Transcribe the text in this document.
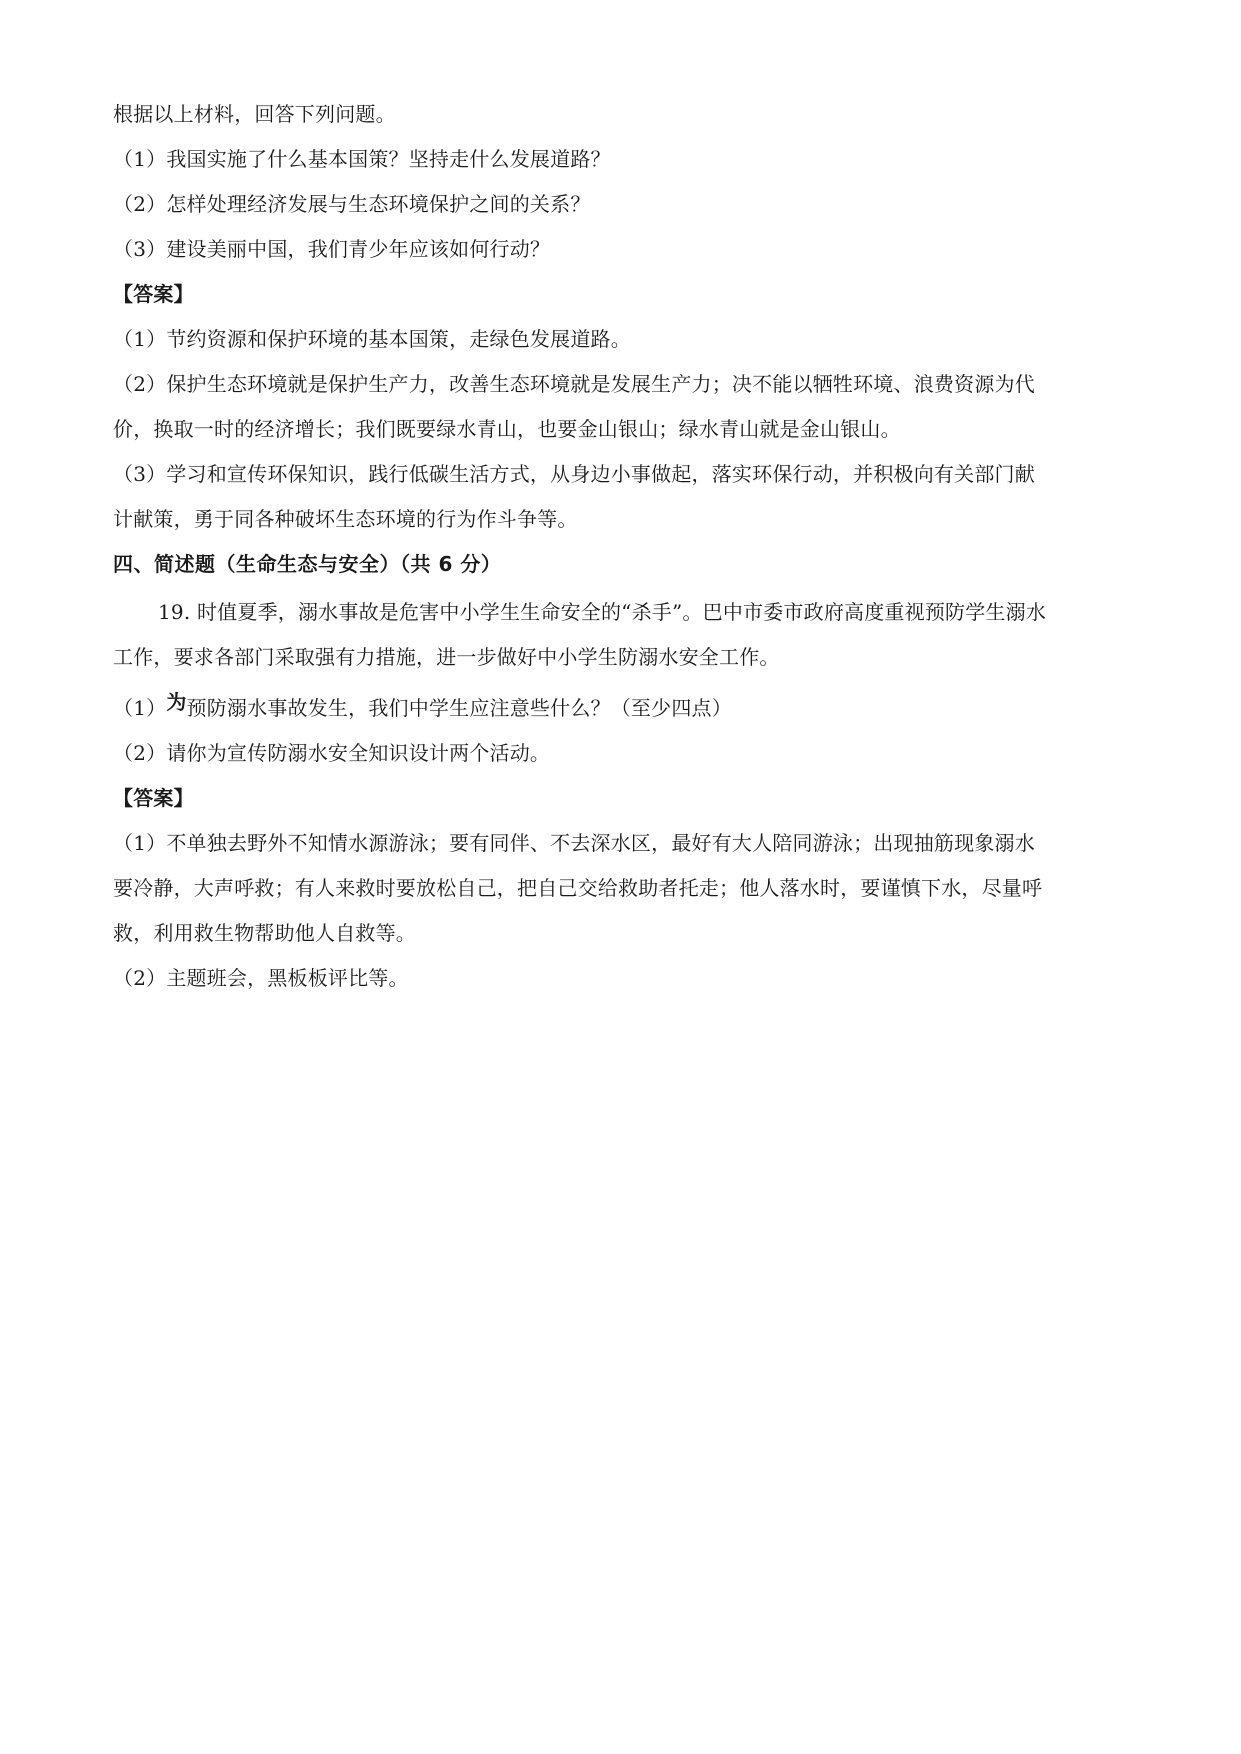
根据以上材料，回答下列问题。
（1）我国实施了什么基本国策？坚持走什么发展道路？
（2）怎样处理经济发展与生态环境保护之间的关系？
（3）建设美丽中国，我们青少年应该如何行动？
【答案】
（1）节约资源和保护环境的基本国策，走绿色发展道路。
（2）保护生态环境就是保护生产力，改善生态环境就是发展生产力；决不能以牺牲环境、浪费资源为代
价，换取一时的经济增长；我们既要绿水青山，也要金山银山；绿水青山就是金山银山。
（3）学习和宣传环保知识，践行低碳生活方式，从身边小事做起，落实环保行动，并积极向有关部门献
计献策，勇于同各种破坏生态环境的行为作斗争等。
四、简述题（生命生态与安全）（共 6 分）
19. 时值夏季，溺水事故是危害中小学生生命安全的“杀手”。巴中市委市政府高度重视预防学生溺水
工作，要求各部门采取强有力措施，进一步做好中小学生防溺水安全工作。
（1）为预防溺水事故发生，我们中学生应注意些什么？（至少四点）
（2）请你为宣传防溺水安全知识设计两个活动。
【答案】
（1）不单独去野外不知情水源游泳；要有同伴、不去深水区，最好有大人陪同游泳；出现抽筋现象溺水
要冷静，大声呼救；有人来救时要放松自己，把自己交给救助者托走；他人落水时，要谨慎下水，尽量呼
救，利用救生物帮助他人自救等。
（2）主题班会，黑板板评比等。
